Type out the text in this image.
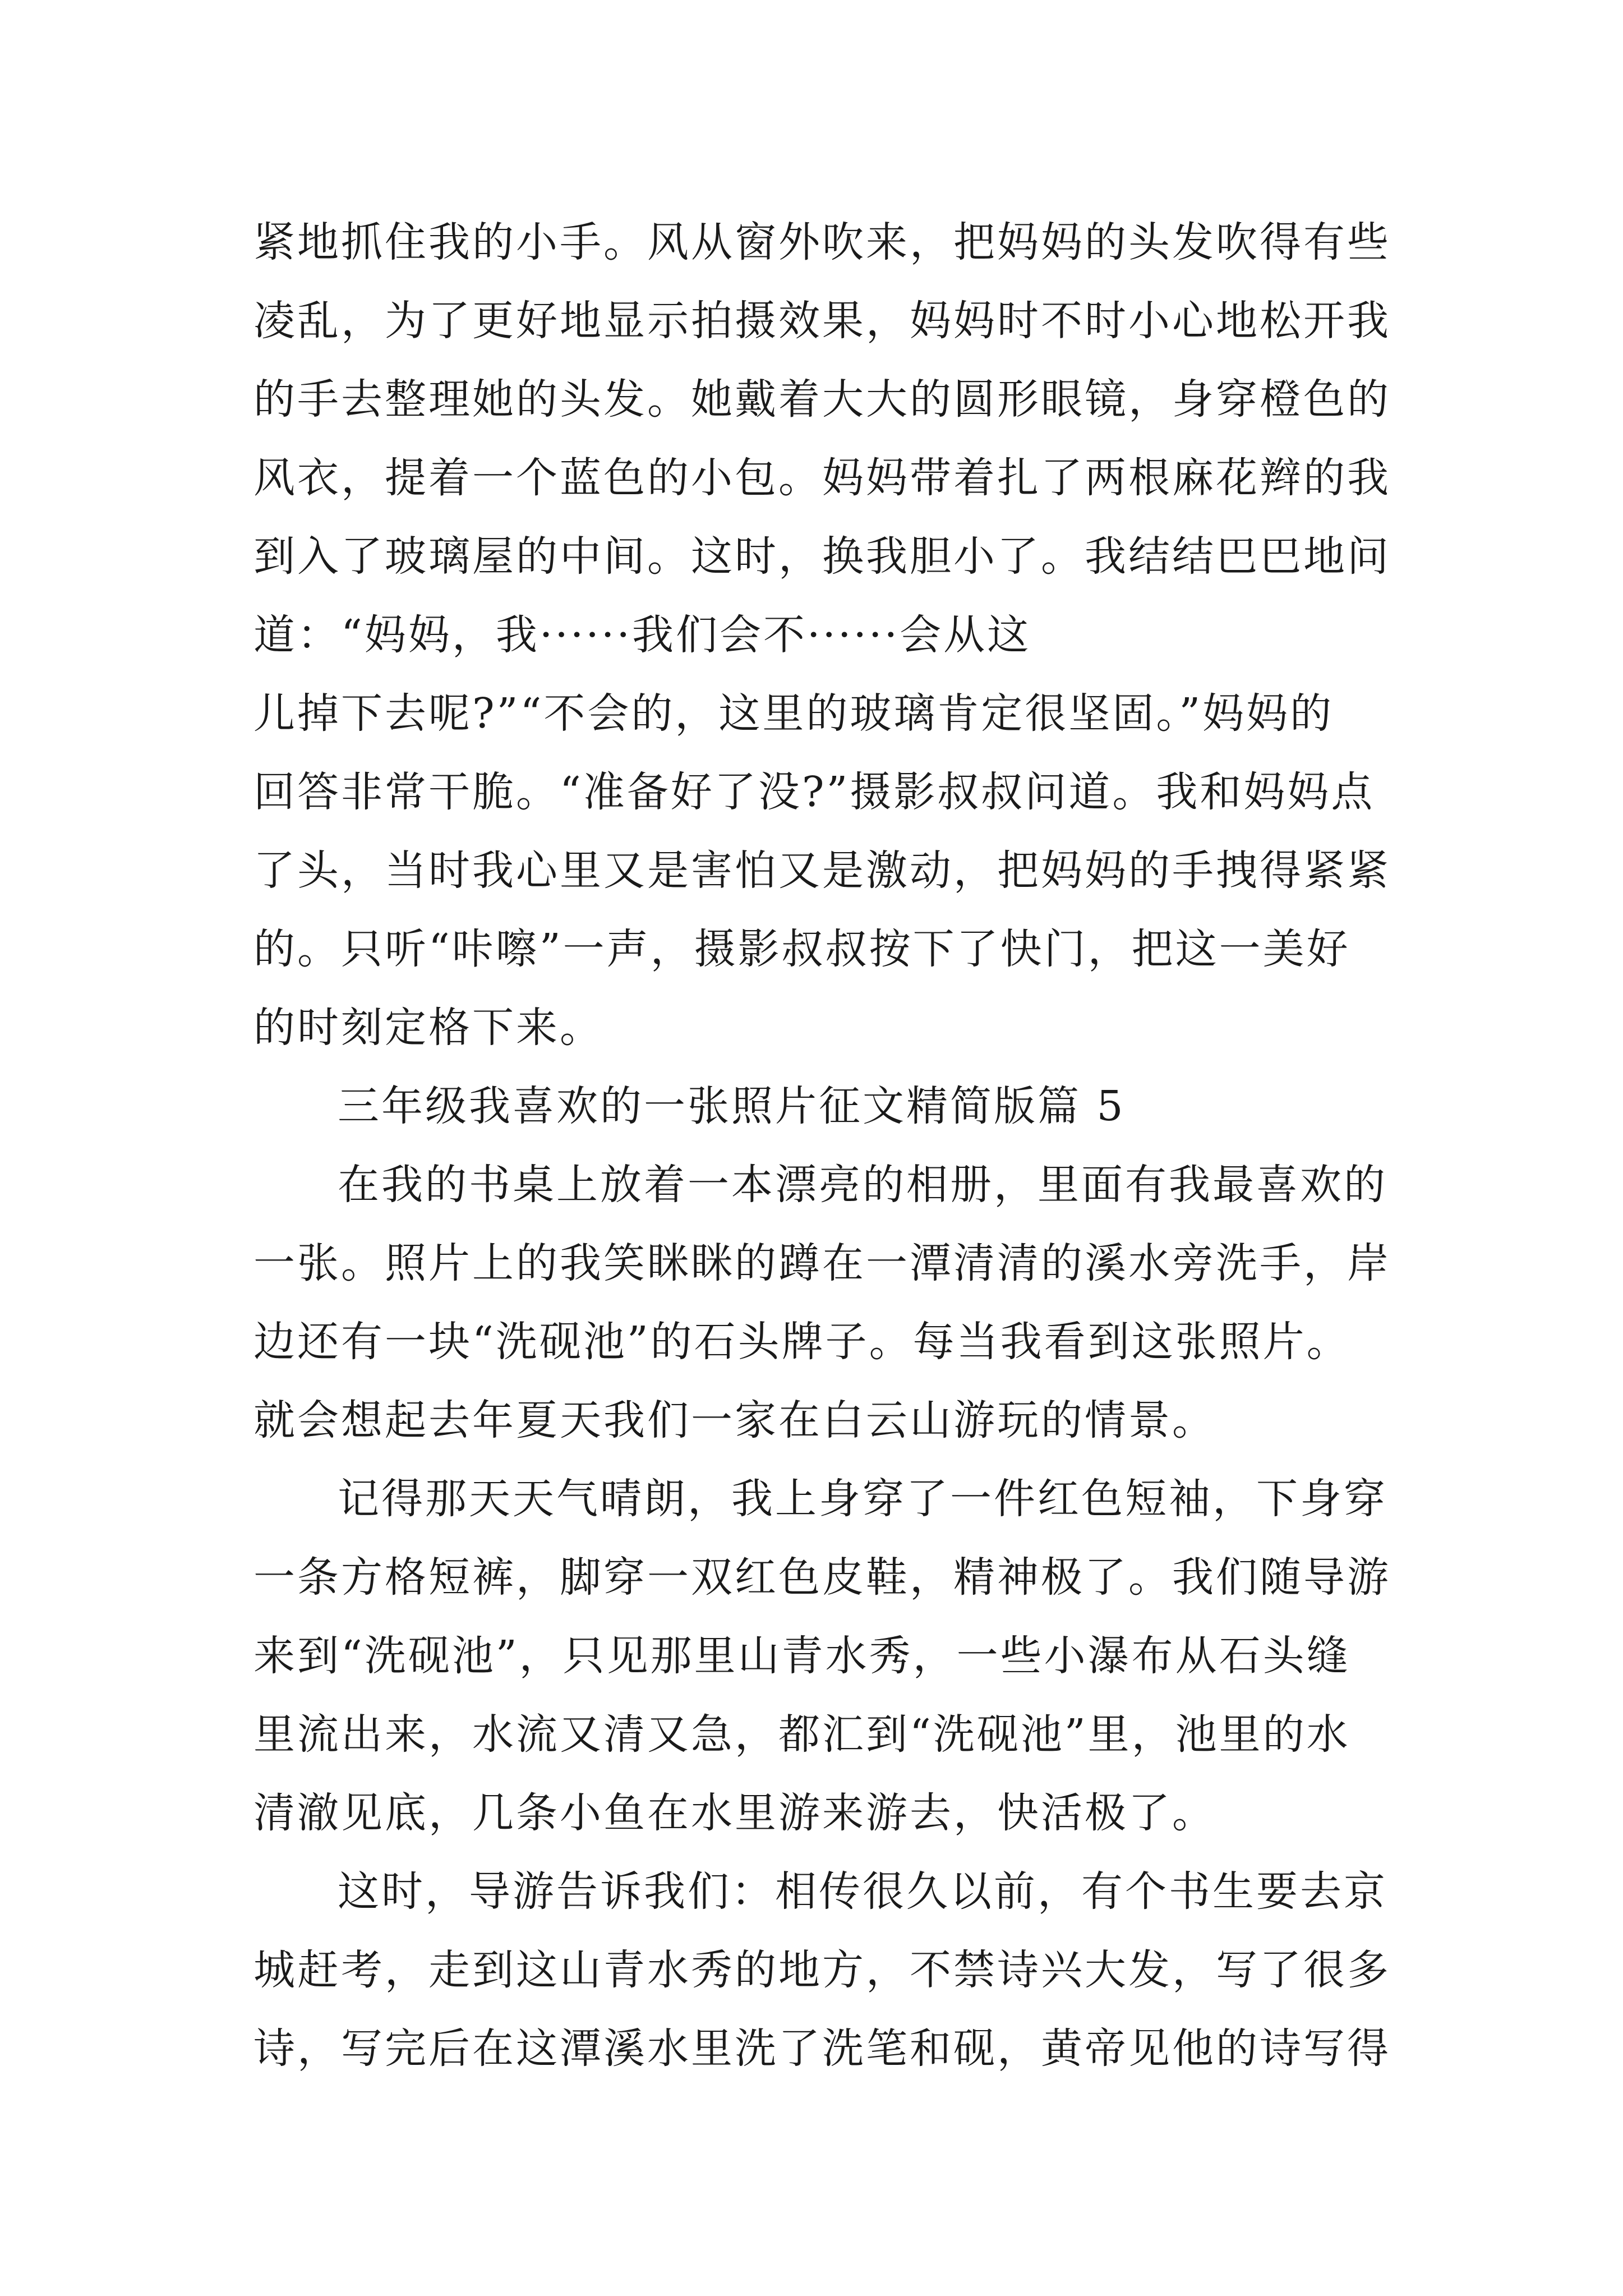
紧地抓住我的小手。风从窗外吹来，把妈妈的头发吹得有些
凌乱，为了更好地显示拍摄效果，妈妈时不时小心地松开我
的手去整理她的头发。她戴着大大的圆形眼镜，身穿橙色的
风衣，提着一个蓝色的小包。妈妈带着扎了两根麻花辫的我
到入了玻璃屋的中间。这时，换我胆小了。我结结巴巴地问
道：“妈妈，我······我们会不······会从这
儿掉下去呢?”“不会的，这里的玻璃肯定很坚固。”妈妈的
回答非常干脆。“准备好了没?”摄影叔叔问道。我和妈妈点
了头，当时我心里又是害怕又是激动，把妈妈的手拽得紧紧
的。只听“咔嚓”一声，摄影叔叔按下了快门，把这一美好
的时刻定格下来。
三年级我喜欢的一张照片征文精简版篇 5
在我的书桌上放着一本漂亮的相册，里面有我最喜欢的
一张。照片上的我笑眯眯的蹲在一潭清清的溪水旁洗手，岸
边还有一块“洗砚池”的石头牌子。每当我看到这张照片。
就会想起去年夏天我们一家在白云山游玩的情景。
记得那天天气晴朗，我上身穿了一件红色短袖，下身穿
一条方格短裤，脚穿一双红色皮鞋，精神极了。我们随导游
来到“洗砚池”，只见那里山青水秀，一些小瀑布从石头缝
里流出来，水流又清又急，都汇到“洗砚池”里，池里的水
清澈见底，几条小鱼在水里游来游去，快活极了。
这时，导游告诉我们：相传很久以前，有个书生要去京
城赶考，走到这山青水秀的地方，不禁诗兴大发，写了很多
诗，写完后在这潭溪水里洗了洗笔和砚，黄帝见他的诗写得
